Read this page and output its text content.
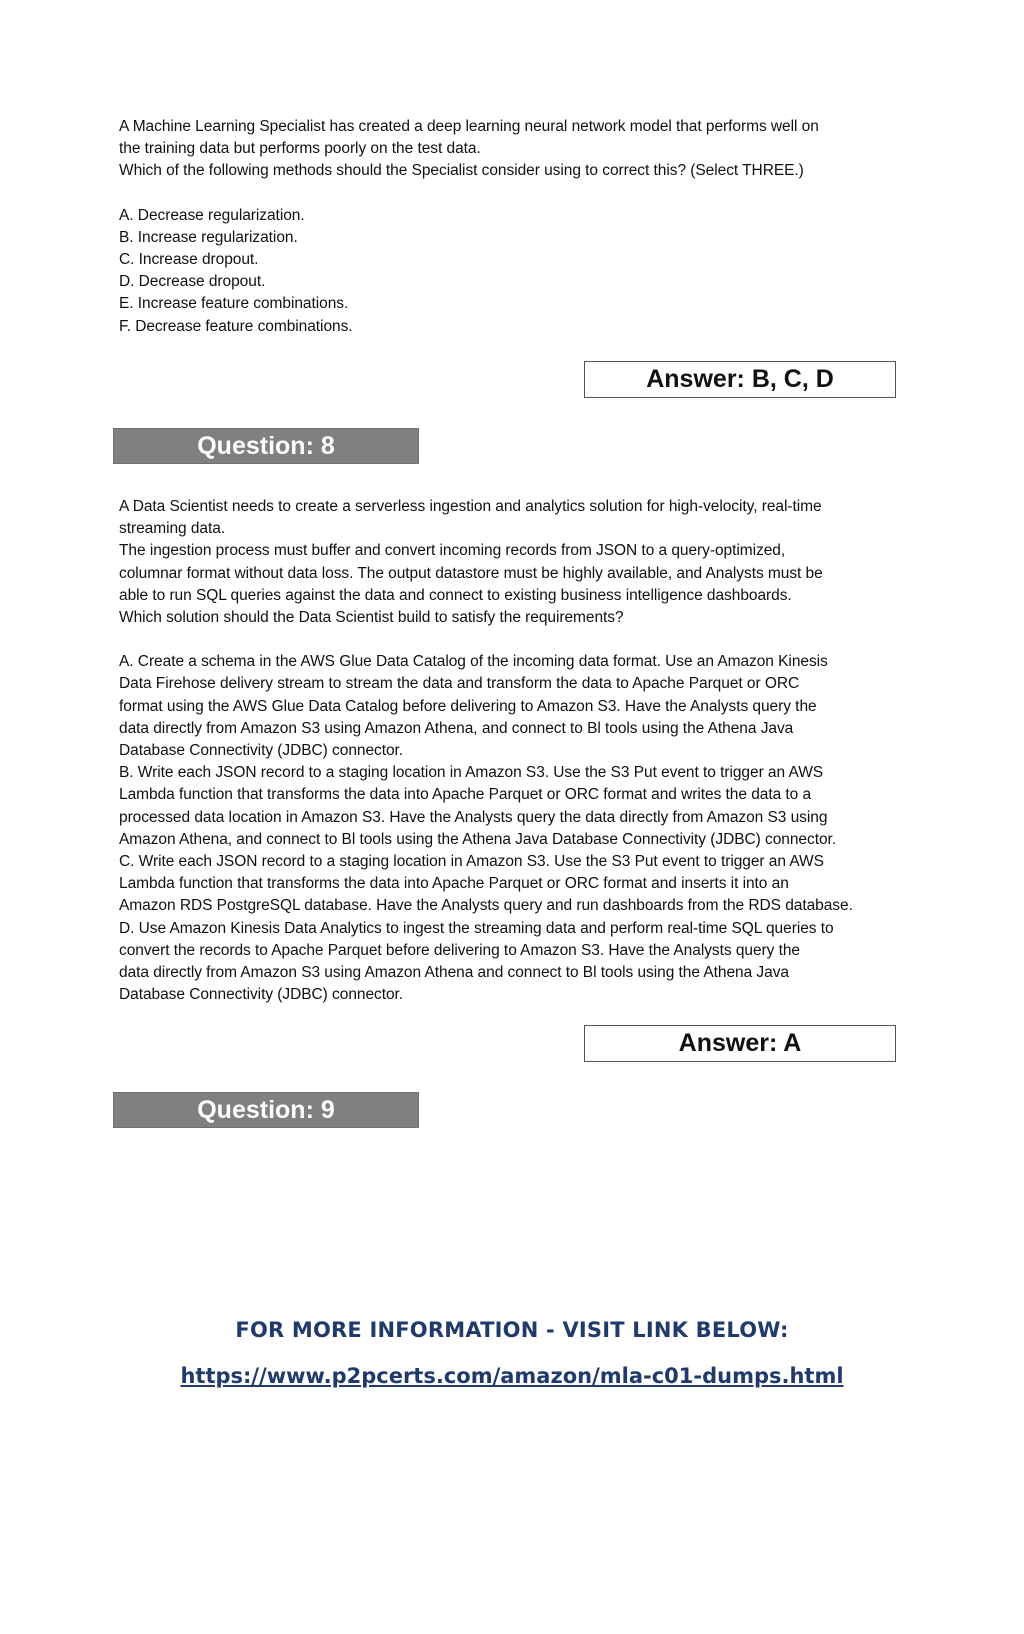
A Machine Learning Specialist has created a deep learning neural network model that performs well on

the training data but performs poorly on the test data.

Which of the following methods should the Specialist consider using to correct this? (Select THREE.)

A. Decrease regularization.

B. Increase regularization.

C. Increase dropout.

D. Decrease dropout.

E. Increase feature combinations.

F. Decrease feature combinations.

Answer: B, C, D
Question: 8

A Data Scientist needs to create a serverless ingestion and analytics solution for high-velocity, real-time

streaming data.

The ingestion process must buffer and convert incoming records from JSON to a query-optimized,

columnar format without data loss. The output datastore must be highly available, and Analysts must be

able to run SQL queries against the data and connect to existing business intelligence dashboards.

Which solution should the Data Scientist build to satisfy the requirements?

A. Create a schema in the AWS Glue Data Catalog of the incoming data format. Use an Amazon Kinesis

Data Firehose delivery stream to stream the data and transform the data to Apache Parquet or ORC

format using the AWS Glue Data Catalog before delivering to Amazon S3. Have the Analysts query the

data directly from Amazon S3 using Amazon Athena, and connect to Bl tools using the Athena Java

Database Connectivity (JDBC) connector.

B. Write each JSON record to a staging location in Amazon S3. Use the S3 Put event to trigger an AWS

Lambda function that transforms the data into Apache Parquet or ORC format and writes the data to a

processed data location in Amazon S3. Have the Analysts query the data directly from Amazon S3 using

Amazon Athena, and connect to Bl tools using the Athena Java Database Connectivity (JDBC) connector.

C. Write each JSON record to a staging location in Amazon S3. Use the S3 Put event to trigger an AWS

Lambda function that transforms the data into Apache Parquet or ORC format and inserts it into an

Amazon RDS PostgreSQL database. Have the Analysts query and run dashboards from the RDS database.

D. Use Amazon Kinesis Data Analytics to ingest the streaming data and perform real-time SQL queries to

convert the records to Apache Parquet before delivering to Amazon S3. Have the Analysts query the

data directly from Amazon S3 using Amazon Athena and connect to Bl tools using the Athena Java

Database Connectivity (JDBC) connector.

Answer: A
Question: 9
FOR MORE INFORMATION - VISIT LINK BELOW:
https://www.p2pcerts.com/amazon/mla-c01-dumps.html
